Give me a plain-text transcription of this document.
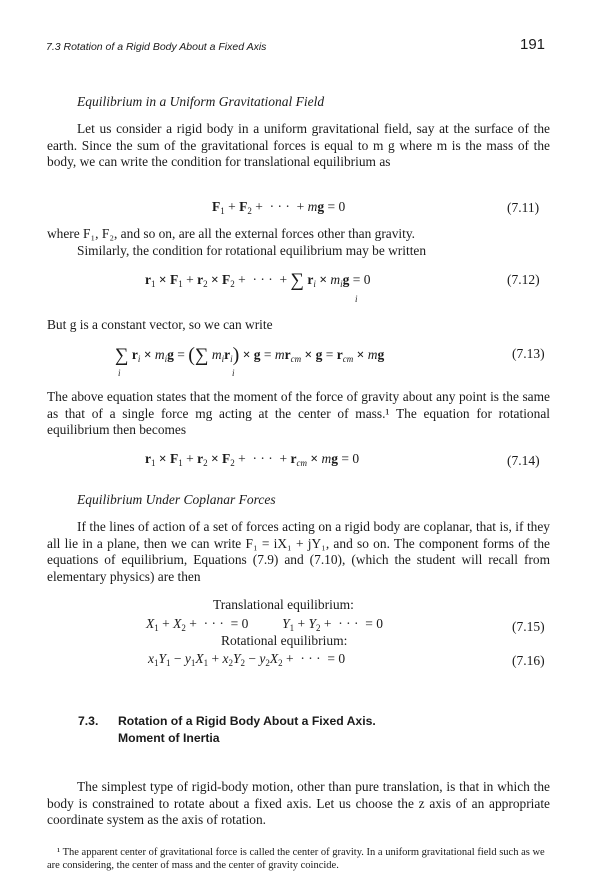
7.3 Rotation of a Rigid Body About a Fixed Axis	191
Equilibrium in a Uniform Gravitational Field

Let us consider a rigid body in a uniform gravitational field, say at the surface of the earth. Since the sum of the gravitational forces is equal to m g where m is the mass of the body, we can write the condition for translational equilibrium as

$F_1 + F_2$ +  · · ·  + mg = 0	(7.11)

where F₁, F₂, and so on, are all the external forces other than gravity.

Similarly, the condition for rotational equilibrium may be written

$r_1 \times F_1 + r_2 \times F_2$ +  · · ·  + ∑ $r_i \times m_ig = 0$
i
(7.12)

But g is a constant vector, so we can write

∑ $r_i \times m_ig$ = (∑ $m_ir_i) \times g = mr_{cm} \times g = r_{cm}$ × mg
i	i
(7.13)

The above equation states that the moment of the force of gravity about any point is the same as that of a single force mg acting at the center of mass.¹ The equation for rotational equilibrium then becomes

$r_1 \times F_1 + r_2 \times F_2$ +  · · ·  + $r_{cm}$ × mg = 0	(7.14)
Equilibrium Under Coplanar Forces

If the lines of action of a set of forces acting on a rigid body are coplanar, that is, if they all lie in a plane, then we can write F₁ = iX₁ + jY₁, and so on. The component forms of the equations of equilibrium, Equations (7.9) and (7.10), (which the student will recall from elementary physics) are then

Translational equilibrium:
$X_1 + X_2$ +  · · ·  = 0          $Y_1 + Y_2$ +  · · ·  = 0	(7.15)
Rotational equilibrium:
$x_1Y_1 - y_1X_1 + x_2Y_2 - y_2X_2$ +  · · ·  = 0	(7.16)
7.3. Rotation of a Rigid Body About a Fixed Axis.
Moment of Inertia

The simplest type of rigid-body motion, other than pure translation, is that in which the body is constrained to rotate about a fixed axis. Let us choose the z axis of an appropriate coordinate system as the axis of rotation.

¹ The apparent center of gravitational force is called the center of gravity. In a uniform gravitational field such as we are considering, the center of mass and the center of gravity coincide.
